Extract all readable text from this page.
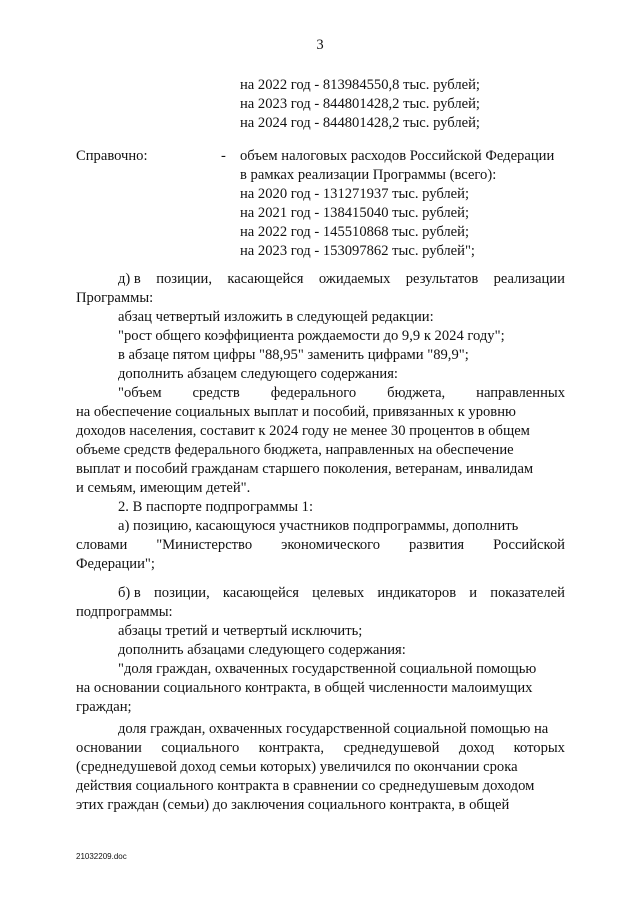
3
на 2022 год - 813984550,8 тыс. рублей;
на 2023 год - 844801428,2 тыс. рублей;
на 2024 год - 844801428,2 тыс. рублей;
Справочно:	- объем налоговых расходов Российской Федерации
в рамках реализации Программы (всего):
на 2020 год - 131271937 тыс. рублей;
на 2021 год - 138415040 тыс. рублей;
на 2022 год - 145510868 тыс. рублей;
на 2023 год - 153097862 тыс. рублей";
д) в позиции, касающейся ожидаемых результатов реализации
Программы:
абзац четвертый изложить в следующей редакции:
"рост общего коэффициента рождаемости до 9,9 к 2024 году";
в абзаце пятом цифры "88,95" заменить цифрами "89,9";
дополнить абзацем следующего содержания:
"объем средств федерального бюджета, направленных
на обеспечение социальных выплат и пособий, привязанных к уровню
доходов населения, составит к 2024 году не менее 30 процентов в общем
объеме средств федерального бюджета, направленных на обеспечение
выплат и пособий гражданам старшего поколения, ветеранам, инвалидам
и семьям, имеющим детей".
2. В паспорте подпрограммы 1:
а) позицию, касающуюся участников подпрограммы, дополнить
словами "Министерство экономического развития Российской
Федерации";
б) в позиции, касающейся целевых индикаторов и показателей
подпрограммы:
абзацы третий и четвертый исключить;
дополнить абзацами следующего содержания:
"доля граждан, охваченных государственной социальной помощью
на основании социального контракта, в общей численности малоимущих
граждан;
доля граждан, охваченных государственной социальной помощью на
основании социального контракта, среднедушевой доход которых
(среднедушевой доход семьи которых) увеличился по окончании срока
действия социального контракта в сравнении со среднедушевым доходом
этих граждан (семьи) до заключения социального контракта, в общей
21032209.doc
